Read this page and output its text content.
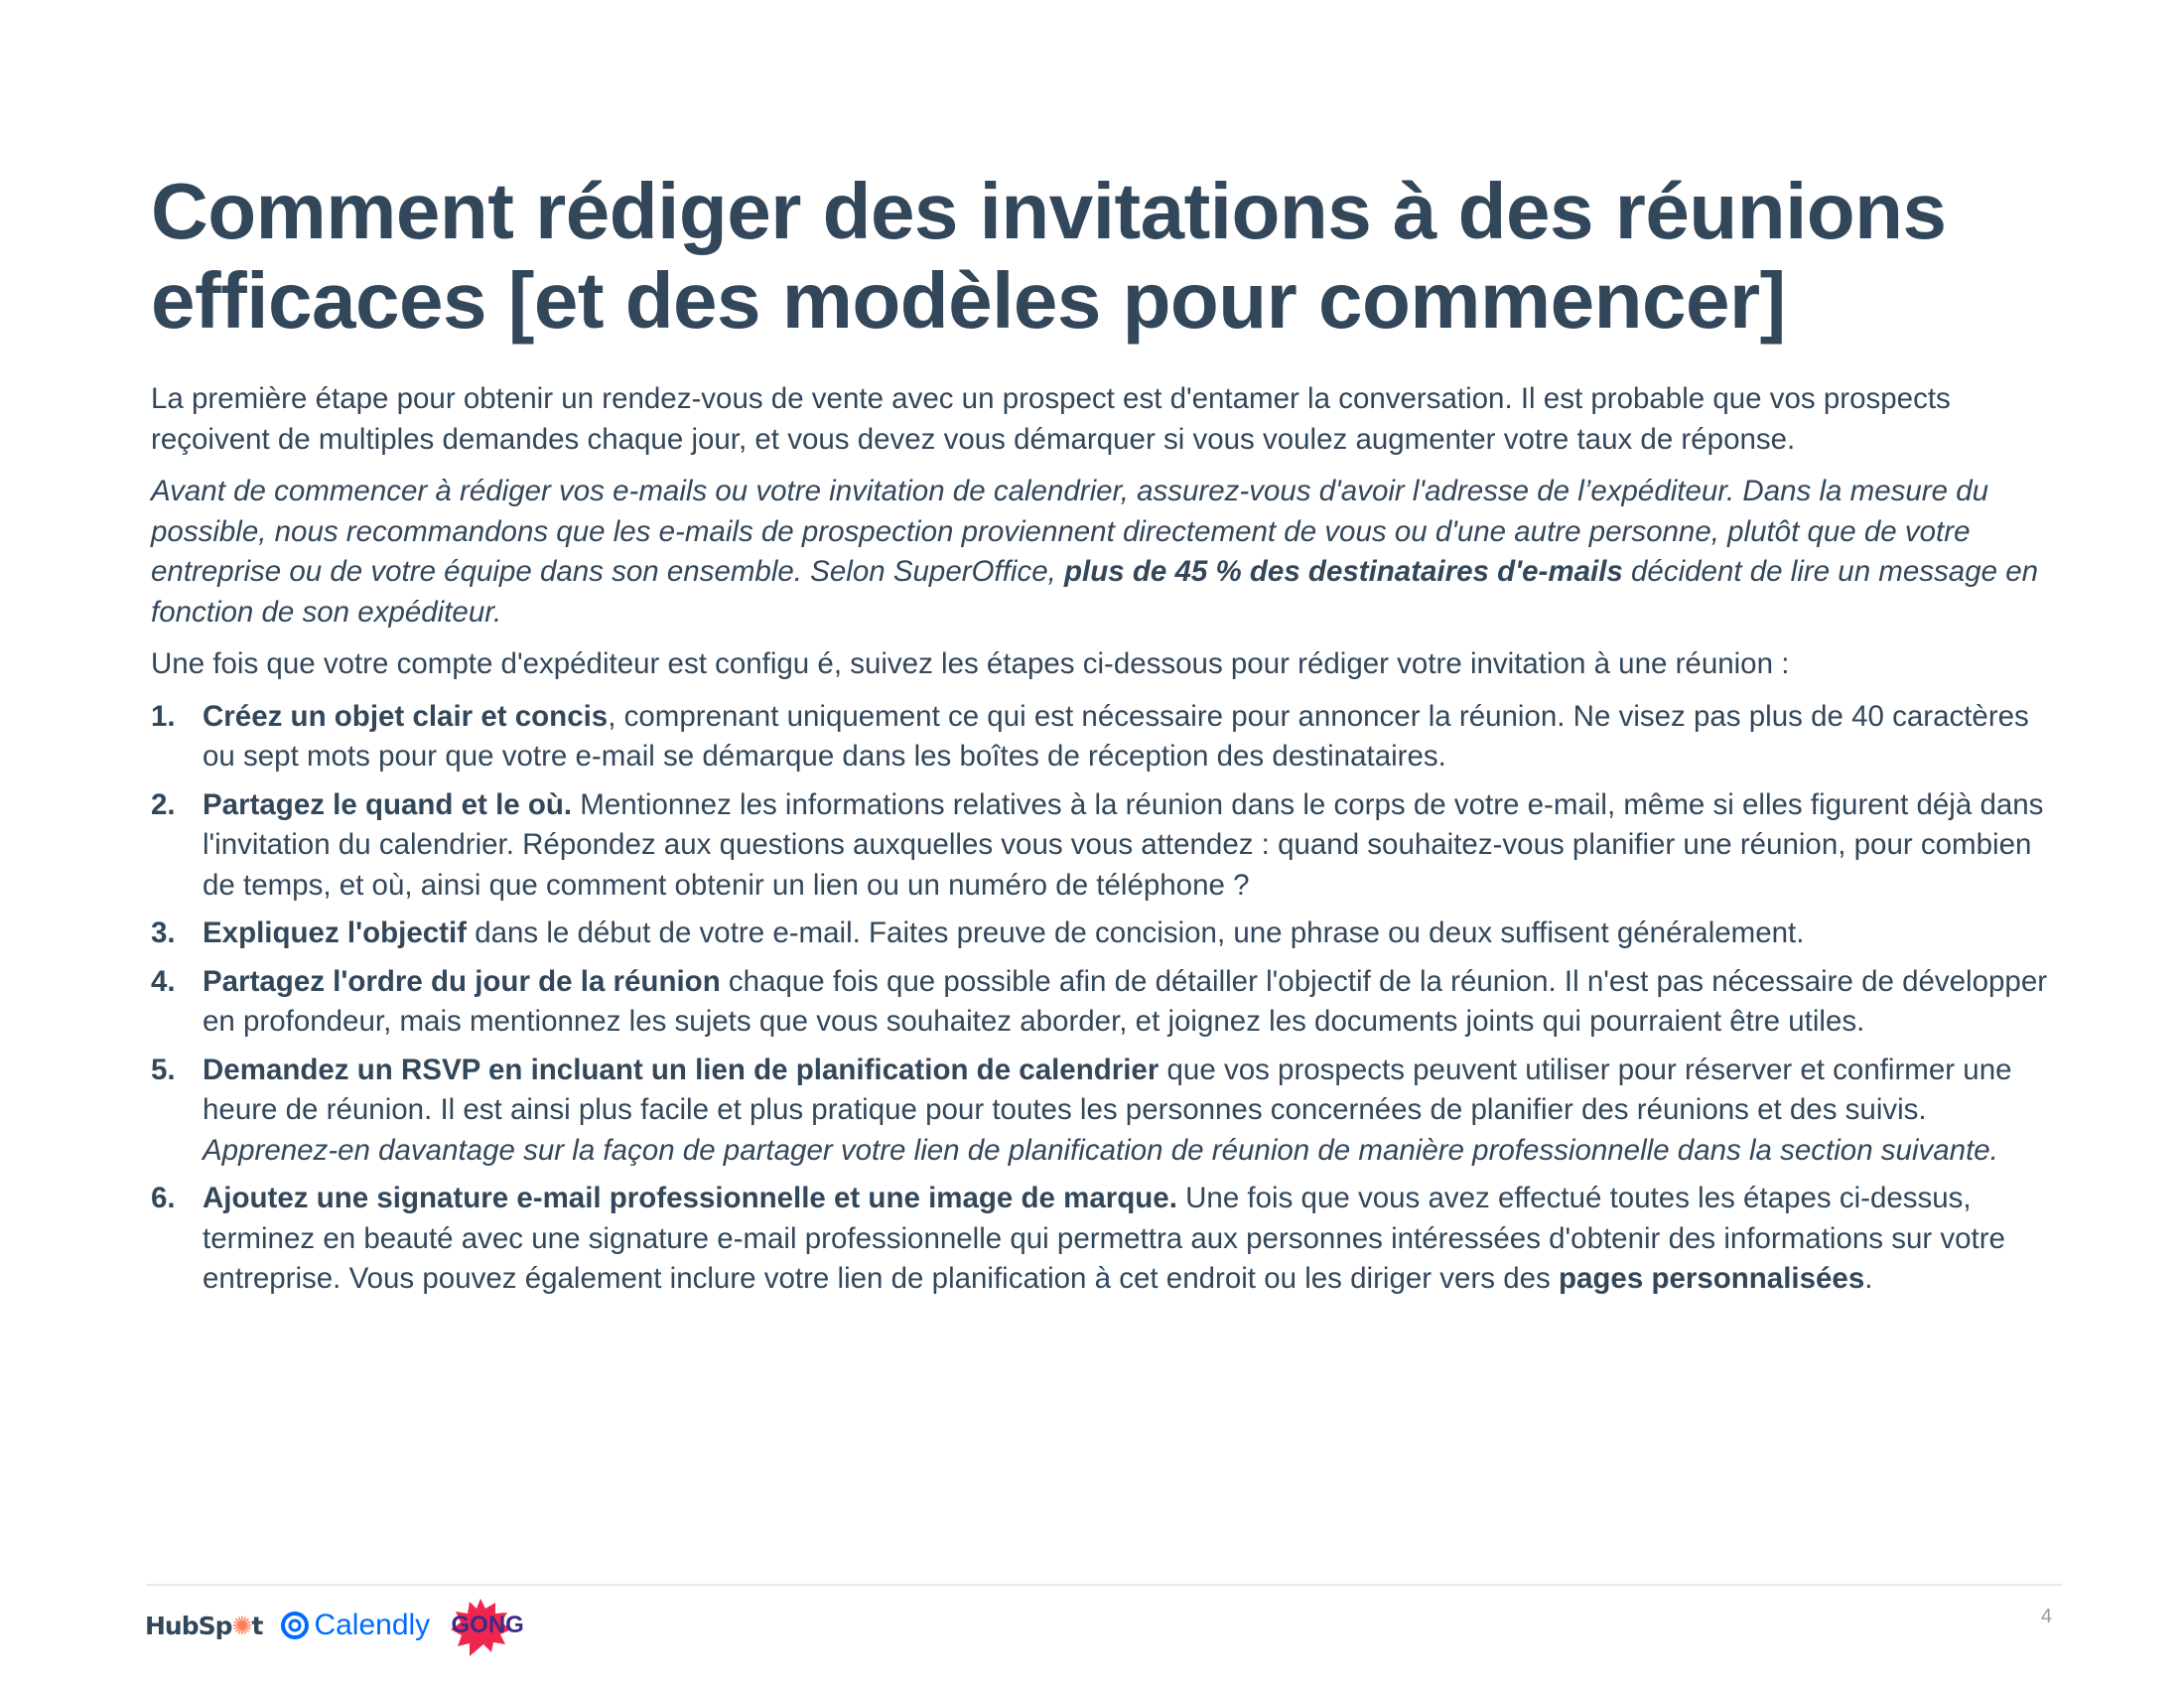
Comment rédiger des invitations à des réunions efficaces [et des modèles pour commencer]

La première étape pour obtenir un rendez-vous de vente avec un prospect est d'entamer la conversation. Il est probable que vos prospects reçoivent de multiples demandes chaque jour, et vous devez vous démarquer si vous voulez augmenter votre taux de réponse.

Avant de commencer à rédiger vos e-mails ou votre invitation de calendrier, assurez-vous d'avoir l'adresse de l’expéditeur. Dans la mesure du possible, nous recommandons que les e-mails de prospection proviennent directement de vous ou d'une autre personne, plutôt que de votre entreprise ou de votre équipe dans son ensemble. Selon SuperOffice, plus de 45 % des destinataires d'e-mails décident de lire un message en fonction de son expéditeur.

Une fois que votre compte d'expéditeur est configu é, suivez les étapes ci-dessous pour rédiger votre invitation à une réunion :

1. Créez un objet clair et concis, comprenant uniquement ce qui est nécessaire pour annoncer la réunion. Ne visez pas plus de 40 caractères ou sept mots pour que votre e-mail se démarque dans les boîtes de réception des destinataires.
2. Partagez le quand et le où. Mentionnez les informations relatives à la réunion dans le corps de votre e-mail, même si elles figurent déjà dans l'invitation du calendrier. Répondez aux questions auxquelles vous vous attendez : quand souhaitez-vous planifier une réunion, pour combien de temps, et où, ainsi que comment obtenir un lien ou un numéro de téléphone ?
3. Expliquez l'objectif dans le début de votre e-mail. Faites preuve de concision, une phrase ou deux suffisent généralement.
4. Partagez l'ordre du jour de la réunion chaque fois que possible afin de détailler l'objectif de la réunion. Il n'est pas nécessaire de développer en profondeur, mais mentionnez les sujets que vous souhaitez aborder, et joignez les documents joints qui pourraient être utiles.
5. Demandez un RSVP en incluant un lien de planification de calendrier que vos prospects peuvent utiliser pour réserver et confirmer une heure de réunion. Il est ainsi plus facile et plus pratique pour toutes les personnes concernées de planifier des réunions et des suivis. Apprenez-en davantage sur la façon de partager votre lien de planification de réunion de manière professionnelle dans la section suivante.
6. Ajoutez une signature e-mail professionnelle et une image de marque. Une fois que vous avez effectué toutes les étapes ci-dessus, terminez en beauté avec une signature e-mail professionnelle qui permettra aux personnes intéressées d'obtenir des informations sur votre entreprise. Vous pouvez également inclure votre lien de planification à cet endroit ou les diriger vers des pages personnalisées.
HubSp✺t Calendly GONG	4
